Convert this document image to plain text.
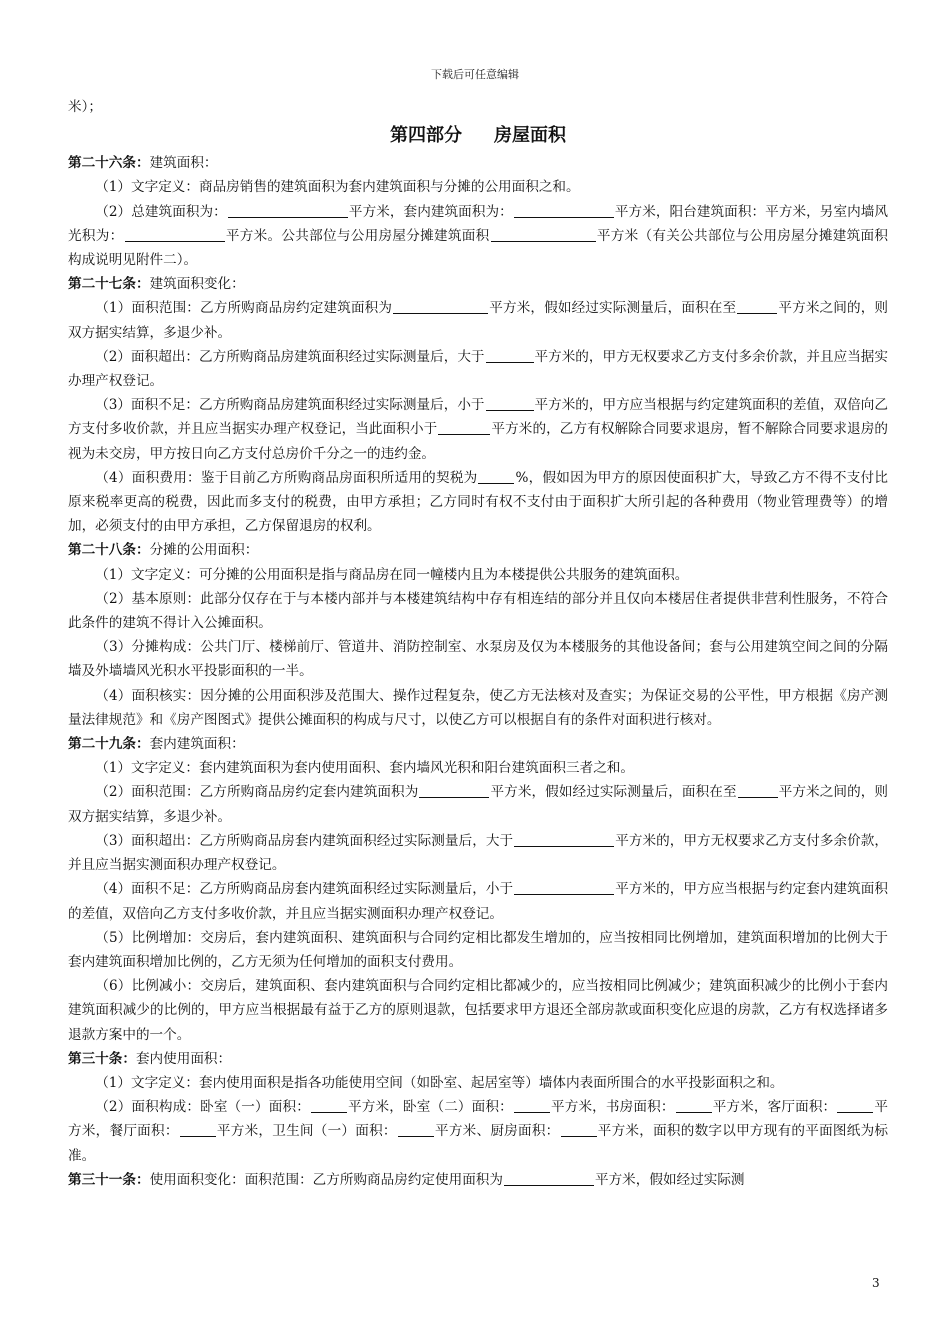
下载后可任意编辑

米）；

第四部分 房屋面积

第二十六条：建筑面积：

（1）文字定义：商品房销售的建筑面积为套内建筑面积与分摊的公用面积之和。

（2）总建筑面积为：	平方米，套内建筑面积为：	平方米，阳台建筑面积：平方米，另室内墙风光积为：	平方米。公共部位与公用房屋分摊建筑面积	平方米（有关公共部位与公用房屋分摊建筑面积构成说明见附件二）。

第二十七条：建筑面积变化：

（1）面积范围：乙方所购商品房约定建筑面积为	平方米，假如经过实际测量后，面积在至	平方米之间的，则双方据实结算，多退少补。

（2）面积超出：乙方所购商品房建筑面积经过实际测量后，大于	平方米的，甲方无权要求乙方支付多余价款，并且应当据实办理产权登记。

（3）面积不足：乙方所购商品房建筑面积经过实际测量后，小于	平方米的，甲方应当根据与约定建筑面积的差值，双倍向乙方支付多收价款，并且应当据实办理产权登记，当此面积小于	平方米的，乙方有权解除合同要求退房，暂不解除合同要求退房的视为未交房，甲方按日向乙方支付总房价千分之一的违约金。

（4）面积费用：鉴于目前乙方所购商品房面积所适用的契税为	%，假如因为甲方的原因使面积扩大，导致乙方不得不支付比原来税率更高的税费，因此而多支付的税费，由甲方承担；乙方同时有权不支付由于面积扩大所引起的各种费用（物业管理费等）的增加，必须支付的由甲方承担，乙方保留退房的权利。

第二十八条：分摊的公用面积：

（1）文字定义：可分摊的公用面积是指与商品房在同一幢楼内且为本楼提供公共服务的建筑面积。

（2）基本原则：此部分仅存在于与本楼内部并与本楼建筑结构中存有相连结的部分并且仅向本楼居住者提供非营利性服务，不符合此条件的建筑不得计入公摊面积。

（3）分摊构成：公共门厅、楼梯前厅、管道井、消防控制室、水泵房及仅为本楼服务的其他设备间；套与公用建筑空间之间的分隔墙及外墙墙风光积水平投影面积的一半。

（4）面积核实：因分摊的公用面积涉及范围大、操作过程复杂，使乙方无法核对及查实；为保证交易的公平性，甲方根据《房产测量法律规范》和《房产图图式》提供公摊面积的构成与尺寸，以使乙方可以根据自有的条件对面积进行核对。

第二十九条：套内建筑面积：

（1）文字定义：套内建筑面积为套内使用面积、套内墙风光积和阳台建筑面积三者之和。

（2）面积范围：乙方所购商品房约定套内建筑面积为	平方米，假如经过实际测量后，面积在至	平方米之间的，则双方据实结算，多退少补。

（3）面积超出：乙方所购商品房套内建筑面积经过实际测量后，大于	平方米的，甲方无权要求乙方支付多余价款，并且应当据实测面积办理产权登记。

（4）面积不足：乙方所购商品房套内建筑面积经过实际测量后，小于	平方米的，甲方应当根据与约定套内建筑面积的差值，双倍向乙方支付多收价款，并且应当据实测面积办理产权登记。

（5）比例增加：交房后，套内建筑面积、建筑面积与合同约定相比都发生增加的，应当按相同比例增加，建筑面积增加的比例大于套内建筑面积增加比例的，乙方无须为任何增加的面积支付费用。

（6）比例减小：交房后，建筑面积、套内建筑面积与合同约定相比都减少的，应当按相同比例减少；建筑面积减少的比例小于套内建筑面积减少的比例的，甲方应当根据最有益于乙方的原则退款，包括要求甲方退还全部房款或面积变化应退的房款，乙方有权选择诸多退款方案中的一个。

第三十条：套内使用面积：

（1）文字定义：套内使用面积是指各功能使用空间（如卧室、起居室等）墙体内表面所围合的水平投影面积之和。

（2）面积构成：卧室（一）面积：	平方米，卧室（二）面积：	平方米，书房面积：	平方米，客厅面积：	平方米，餐厅面积：	平方米，卫生间（一）面积：	平方米、厨房面积：	平方米，面积的数字以甲方现有的平面图纸为标准。

第三十一条：使用面积变化：面积范围：乙方所购商品房约定使用面积为	平方米，假如经过实际测

3
